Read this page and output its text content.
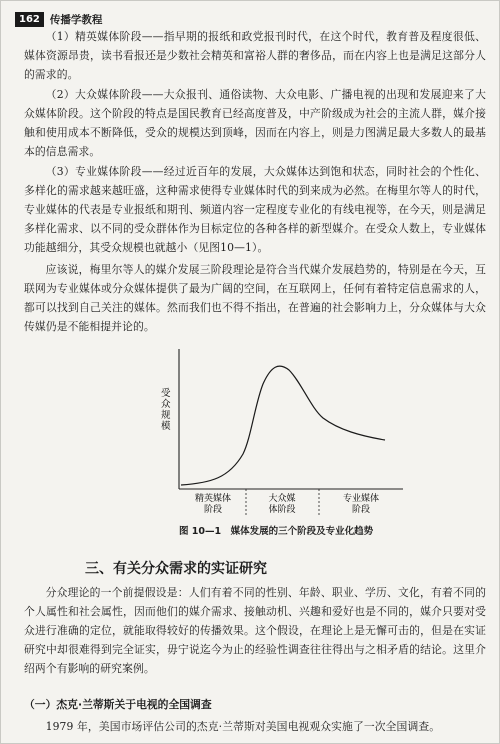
162 传播学教程

（1）精英媒体阶段——指早期的报纸和政党报刊时代，在这个时代，教育普及程度很低、媒体资源昂贵，读书看报还是少数社会精英和富裕人群的奢侈品，而在内容上也是满足这部分人的需求的。

（2）大众媒体阶段——大众报刊、通俗读物、大众电影、广播电视的出现和发展迎来了大众媒体阶段。这个阶段的特点是国民教育已经高度普及，中产阶级成为社会的主流人群，媒介接触和使用成本不断降低，受众的规模达到顶峰，因而在内容上，则是力图满足最大多数人的最基本的信息需求。

（3）专业媒体阶段——经过近百年的发展，大众媒体达到饱和状态，同时社会的个性化、多样化的需求越来越旺盛，这种需求使得专业媒体时代的到来成为必然。在梅里尔等人的时代，专业媒体的代表是专业报纸和期刊、频道内容一定程度专业化的有线电视等，在今天，则是满足多样化需求、以不同的受众群体作为目标定位的各种各样的新型媒介。在受众人数上，专业媒体功能越细分，其受众规模也就越小（见图10—1）。

应该说，梅里尔等人的媒介发展三阶段理论是符合当代媒介发展趋势的，特别是在今天，互联网为专业媒体或分众媒体提供了最为广阔的空间，在互联网上，任何有着特定信息需求的人，都可以找到自己关注的媒体。然而我们也不得不指出，在普遍的社会影响力上，分众媒体与大众传媒仍是不能相提并论的。

受
众
规
模
精英媒体
阶段
大众媒
体阶段
专业媒体
阶段
图 10—1　媒体发展的三个阶段及专业化趋势
三、有关分众需求的实证研究

分众理论的一个前提假设是：人们有着不同的性别、年龄、职业、学历、文化，有着不同的个人属性和社会属性，因而他们的媒介需求、接触动机、兴趣和爱好也是不同的，媒介只要对受众进行准确的定位，就能取得较好的传播效果。这个假设，在理论上是无懈可击的，但是在实证研究中却很难得到完全证实，毋宁说迄今为止的经验性调查往往得出与之相矛盾的结论。这里介绍两个有影响的研究案例。

（一）杰克·兰蒂斯关于电视的全国调查

1979 年，美国市场评估公司的杰克·兰蒂斯对美国电视观众实施了一次全国调查。
